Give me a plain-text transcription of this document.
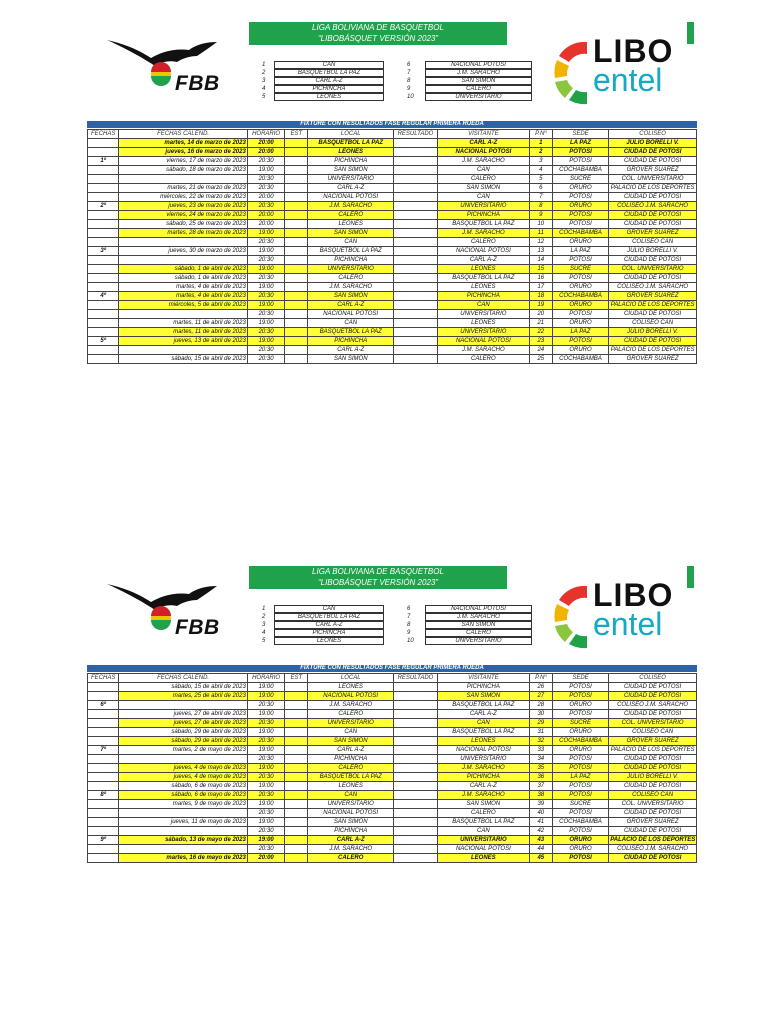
FBB
LIGA BOLIVIANA DE BASQUETBOL
“LIBOBÁSQUET VERSIÓN 2023”
1	CAN	6	NACIONAL POTOSI
2	BASQUETBOL LA PAZ	7	J.M. SARACHO
3	CARL A-Z	8	SAN SIMON
4	PICHINCHA	9	CALERO
5	LEONES	10	UNIVERSITARIO
LIBO
entel
FIXTURE CON RESULTADOS FASE REGULAR PRIMERA RUEDA
FECHAS	FECHAS CALEND.	HORARIO	EST	LOCAL	RESULTADO	VISITANTE	P.Nº	SEDE	COLISEO
	martes, 14 de marzo de 2023	20:00		BASQUETBOL LA PAZ		CARL A-Z	1	LA PAZ	JULIO BORELLI V.
	jueves, 16 de marzo de 2023	20:00		LEONES		NACIONAL POTOSI	2	POTOSI	CIUDAD DE POTOSI
1º	viernes, 17 de marzo de 2023	20:30		PICHINCHA		J.M. SARACHO	3	POTOSI	CIUDAD DE POTOSI
	sábado, 18 de marzo de 2023	19:00		SAN SIMON		CAN	4	COCHABAMBA	GROVER SUAREZ
		20:30		UNIVERSITARIO		CALERO	5	SUCRE	COL. UNIVERSITARIO
	martes, 21 de marzo de 2023	20:30		CARL A-Z		SAN SIMON	6	ORURO	PALACIO DE LOS DEPORTES
	miércoles, 22 de marzo de 2023	20:00		NACIONAL POTOSI		CAN	7	POTOSI	CIUDAD DE POTOSI
2º	jueves, 23 de marzo de 2023	20:30		J.M. SARACHO		UNIVERSITARIO	8	ORURO	COLISEO J.M. SARACHO
	viernes, 24 de marzo de 2023	20:00		CALERO		PICHINCHA	9	POTOSI	CIUDAD DE POTOSI
	sábado, 25 de marzo de 2023	20:00		LEONES		BASQUETBOL LA PAZ	10	POTOSI	CIUDAD DE POTOSI
	martes, 28 de marzo de 2023	19:00		SAN SIMON		J.M. SARACHO	11	COCHABAMBA	GROVER SUAREZ
		20:30		CAN		CALERO	12	ORURO	COLISEO CAN
3º	jueves, 30 de marzo de 2023	19:00		BASQUETBOL LA PAZ		NACIONAL POTOSI	13	LA PAZ	JULIO BORELLI V.
		20:30		PICHINCHA		CARL A-Z	14	POTOSI	CIUDAD DE POTOSI
	sábado, 1 de abril de 2023	19:00		UNIVERSITARIO		LEONES	15	SUCRE	COL. UNIVERSITARIO
	sábado, 1 de abril de 2023	20:30		CALERO		BASQUETBOL LA PAZ	16	POTOSI	CIUDAD DE POTOSI
	martes, 4 de abril de 2023	19:00		J.M. SARACHO		LEONES	17	ORURO	COLISEO J.M. SARACHO
4º	martes, 4 de abril de 2023	20:30		SAN SIMON		PICHINCHA	18	COCHABAMBA	GROVER SUAREZ
	miércoles, 5 de abril de 2023	19:00		CARL A-Z		CAN	19	ORURO	PALACIO DE LOS DEPORTES
		20:30		NACIONAL POTOSI		UNIVERSITARIO	20	POTOSI	CIUDAD DE POTOSI
	martes, 11 de abril de 2023	19:00		CAN		LEONES	21	ORURO	COLISEO CAN
	martes, 11 de abril de 2023	20:30		BASQUETBOL LA PAZ		UNIVERSITARIO	22	LA PAZ	JULIO BORELLI V.
5º	jueves, 13 de abril de 2023	19:00		PICHINCHA		NACIONAL POTOSI	23	POTOSI	CIUDAD DE POTOSI
		20:30		CARL A-Z		J.M. SARACHO	24	ORURO	PALACIO DE LOS DEPORTES
	sábado, 15 de abril de 2023	20:30		SAN SIMON		CALERO	25	COCHABAMBA	GROVER SUAREZ
FBB
LIGA BOLIVIANA DE BASQUETBOL
“LIBOBÁSQUET VERSIÓN 2023”
1	CAN	6	NACIONAL POTOSI
2	BASQUETBOL LA PAZ	7	J.M. SARACHO
3	CARL A-Z	8	SAN SIMON
4	PICHINCHA	9	CALERO
5	LEONES	10	UNIVERSITARIO
LIBO
entel
FIXTURE CON RESULTADOS FASE REGULAR PRIMERA RUEDA
FECHAS	FECHAS CALEND.	HORARIO	EST	LOCAL	RESULTADO	VISITANTE	P.Nº	SEDE	COLISEO
	sábado, 15 de abril de 2023	19:00		LEONES		PICHINCHA	26	POTOSI	CIUDAD DE POTOSI
	martes, 25 de abril de 2023	19:00		NACIONAL POTOSI		SAN SIMON	27	POTOSI	CIUDAD DE POTOSI
6º		20:30		J.M. SARACHO		BASQUETBOL LA PAZ	28	ORURO	COLISEO J.M. SARACHO
	jueves, 27 de abril de 2023	19:00		CALERO		CARL A-Z	30	POTOSI	CIUDAD DE POTOSI
	jueves, 27 de abril de 2023	20:30		UNIVERSITARIO		CAN	29	SUCRE	COL. UNIVERSITARIO
	sábado, 29 de abril de 2023	19:00		CAN		BASQUETBOL LA PAZ	31	ORURO	COLISEO CAN
	sábado, 29 de abril de 2023	20:30		SAN SIMON		LEONES	32	COCHABAMBA	GROVER SUAREZ
7º	martes, 2 de mayo de 2023	19:00		CARL A-Z		NACIONAL POTOSI	33	ORURO	PALACIO DE LOS DEPORTES
		20:30		PICHINCHA		UNIVERSITARIO	34	POTOSI	CIUDAD DE POTOSI
	jueves, 4 de mayo de 2023	19:00		CALERO		J.M. SARACHO	35	POTOSI	CIUDAD DE POTOSI
	jueves, 4 de mayo de 2023	20:30		BASQUETBOL LA PAZ		PICHINCHA	36	LA PAZ	JULIO BORELLI V.
	sábado, 6 de mayo de 2023	19:00		LEONES		CARL A-Z	37	POTOSI	CIUDAD DE POTOSI
8º	sábado, 6 de mayo de 2023	20:30		CAN		J.M. SARACHO	38	POTOSI	COLISEO CAN
	martes, 9 de mayo de 2023	19:00		UNIVERSITARIO		SAN SIMON	39	SUCRE	COL. UNIVERSITARIO
		20:30		NACIONAL POTOSI		CALERO	40	POTOSI	CIUDAD DE POTOSI
	jueves, 11 de mayo de 2023	19:00		SAN SIMON		BASQUETBOL LA PAZ	41	COCHABAMBA	GROVER SUAREZ
		20:30		PICHINCHA		CAN	42	POTOSI	CIUDAD DE POTOSI
9º	sábado, 13 de mayo de 2023	19:00		CARL A-Z		UNIVERSITARIO	43	ORURO	PALACIO DE LOS DEPORTES
		20:30		J.M. SARACHO		NACIONAL POTOSI	44	ORURO	COLISEO J.M. SARACHO
	martes, 16 de mayo de 2023	20:00		CALERO		LEONES	45	POTOSI	CIUDAD DE POTOSI
